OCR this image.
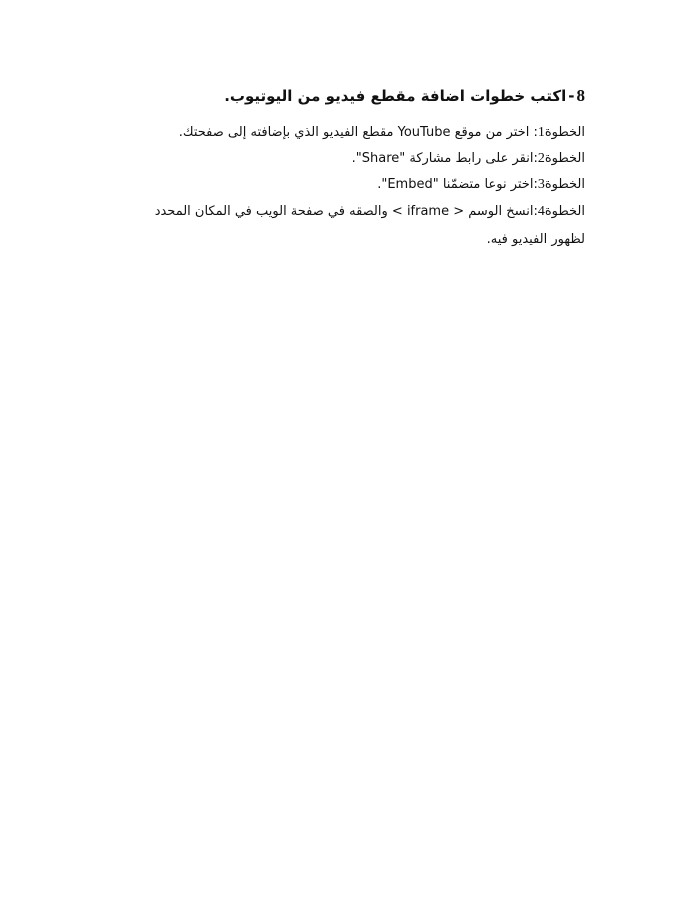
8
-
اكتب خطوات اضافة مقطع فيديو من اليوتيوب.
الخطوة1: اختر من موقع YouTube مقطع الفيديو الذي بإضافته إلى صفحتك.
الخطوة2:انقر على رابط مشاركة "Share".
الخطوة3:اختر نوعا متضمّنا "Embed".
الخطوة4:انسخ الوسم < iframe > والصقه في صفحة الويب في المكان المحدد لظهور الفيديو فيه.
